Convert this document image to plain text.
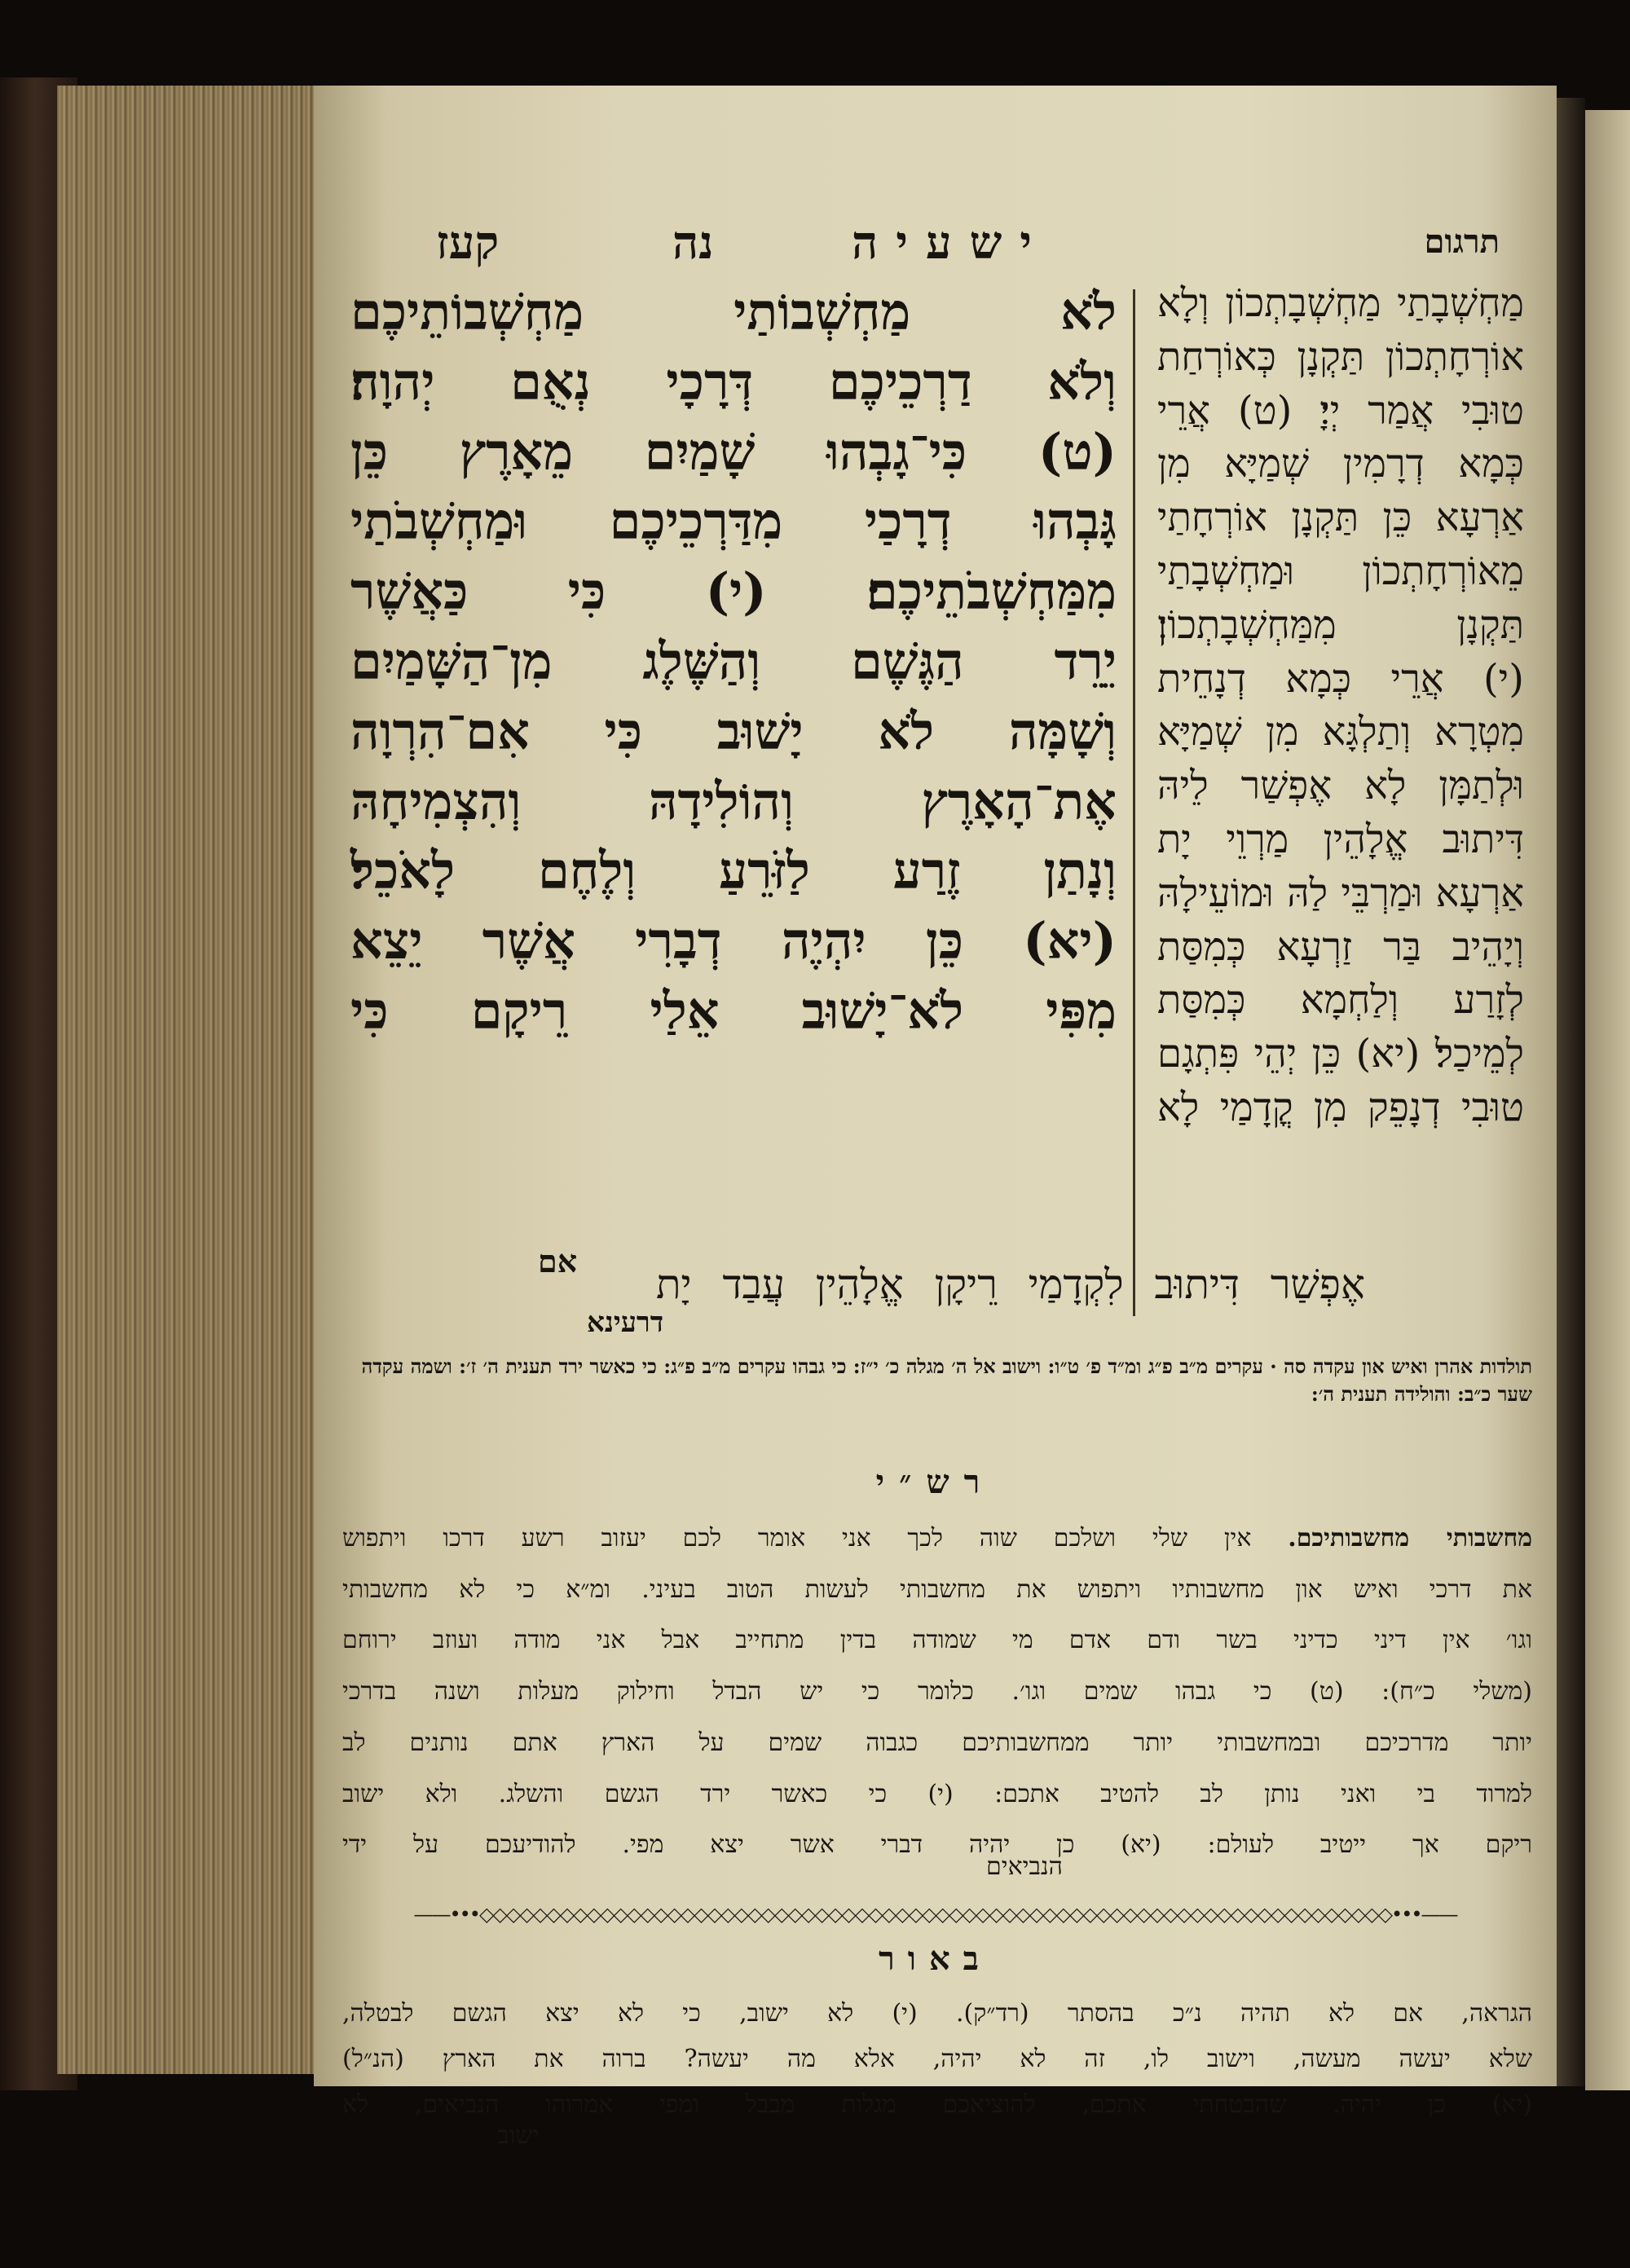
תרגום
ישעיה
נה
קעז
מַחְשְׁבָתַי מַחְשְׁבָתְכוֹן וְלָא
אוֹרְחָתְכוֹן תַּקְנָן כְּאוֹרְחַת
טוּבִי אֲמַר יְיָ׃ (ט) אֲרֵי
כְּמָא דְרָמִין שְׁמַיָּא מִן
אַרְעָא כֵּן תַּקְנָן אוֹרְחָתַי
מֵאוֹרְחָתְכוֹן וּמַחְשְׁבָתַי
תַּקְנָן מִמַּחְשְׁבָתְכוֹן׃
(י) אֲרֵי כְּמָא דְנָחֵית
מִטְרָא וְתַלְגָּא מִן שְׁמַיָּא
וּלְתַמָּן לָא אֶפְשַׁר לֵיהּ
דִּיתוּב אֱלָהֵין מַרְוֵי יָת
אַרְעָא וּמַרְבֵּי לַהּ וּמוֹעֵילָהּ
וְיָהֵיב בַּר זַרְעָא כְּמִסַּת
לְזָרַע וְלַחְמָא כְּמִסַּת
לְמֵיכַל׃ (יא) כֵּן יְהֵי פִּתְגָם
טוּבִי דְנָפֵק מִן קֳדָמַי לָא
לֹא מַחְשְׁבוֹתַי מַחְשְׁבוֹתֵיכֶם
וְלֹא דַרְכֵיכֶם דְּרָכָי נְאֻם יְהוָה׃
(ט) כִּי־גָבְהוּ שָׁמַיִם מֵאָרֶץ כֵּן
גָּבְהוּ דְרָכַי מִדַּרְכֵיכֶם וּמַחְשְׁבֹתַי
מִמַּחְשְׁבֹתֵיכֶם׃ (י) כִּי כַּאֲשֶׁר
יֵרֵד הַגֶּשֶׁם וְהַשֶּׁלֶג מִן־הַשָּׁמַיִם
וְשָׁמָּה לֹא יָשׁוּב כִּי אִם־הִרְוָה
אֶת־הָאָרֶץ וְהוֹלִידָהּ וְהִצְמִיחָהּ
וְנָתַן זֶרַע לַזֹּרֵעַ וְלֶחֶם לָאֹכֵל׃
(יא) כֵּן יִהְיֶה דְבָרִי אֲשֶׁר יֵצֵא
מִפִּי לֹא־יָשׁוּב אֵלַי רֵיקָם כִּי
אם אֶפְשַׁר דִּיתוּב לִקְדָמַי רֵיקָן אֱלָהֵין עֲבַד יָת
דרעינא
תולדות אהרן ואיש און עקדה סה · עקרים מ״ב פ״ג ומ״ד פ׳ ט״ו: וישוב אל ה׳ מגלה כ׳ י״ז: כי גבהו עקרים מ״ב פ״ג: כי כאשר ירד תענית ה׳ ז׳: ושמה עקדה שער כ״ב: והולידה תענית ה׳:
רש״י
מחשבותי מחשבותיכם. אין שלי ושלכם שוה לכך אני אומר לכם יעזוב רשע דרכו ויתפוש
את דרכי ואיש און מחשבותיו ויתפוש את מחשבותי לעשות הטוב בעיני. ומ״א כי לא מחשבותי
וגו׳ אין דיני כדיני בשר ודם אדם מי שמודה בדין מתחייב אבל אני מודה ועוזב ירוחם
(משלי כ״ח): (ט) כי גבהו שמים וגו׳. כלומר כי יש הבדל וחילוק מעלות ושנה בדרכי
יותר מדרכיכם ובמחשבותי יותר ממחשבותיכם כגבוה שמים על הארץ אתם נותנים לב
למרוד בי ואני נותן לב להטיב אתכם: (י) כי כאשר ירד הגשם והשלג. ולא ישוב
ריקם אך ייטיב לעולם: (יא) כן יהיה דברי אשר יצא מפי. להודיעכם על ידי
הנביאים
——•••◇◇◇◇◇◇◇◇◇◇◇◇◇◇◇◇◇◇◇◇◇◇◇◇◇◇◇◇◇◇◇◇◇◇◇◇◇◇◇◇◇◇◇◇◇◇◇◇◇◇◇◇◇◇◇◇◇◇◇◇◇◇◇◇◇◇◇◇•••——
באור
הגראה, אם לא תהיה נ״כ בהסתר (רד״ק). (י) לא ישוב, כי לא יצא הגשם לבטלה,
שלא יעשה מעשה, וישוב לו, זה לא יהיה, אלא מה יעשה? ברוה את הארץ (הנ״ל)
(יא) כן יהיה. שהבטחתי אתכם, להוציאכם מגלות מבבל ומפי אמרוהו הנביאים, לא
ישוב
